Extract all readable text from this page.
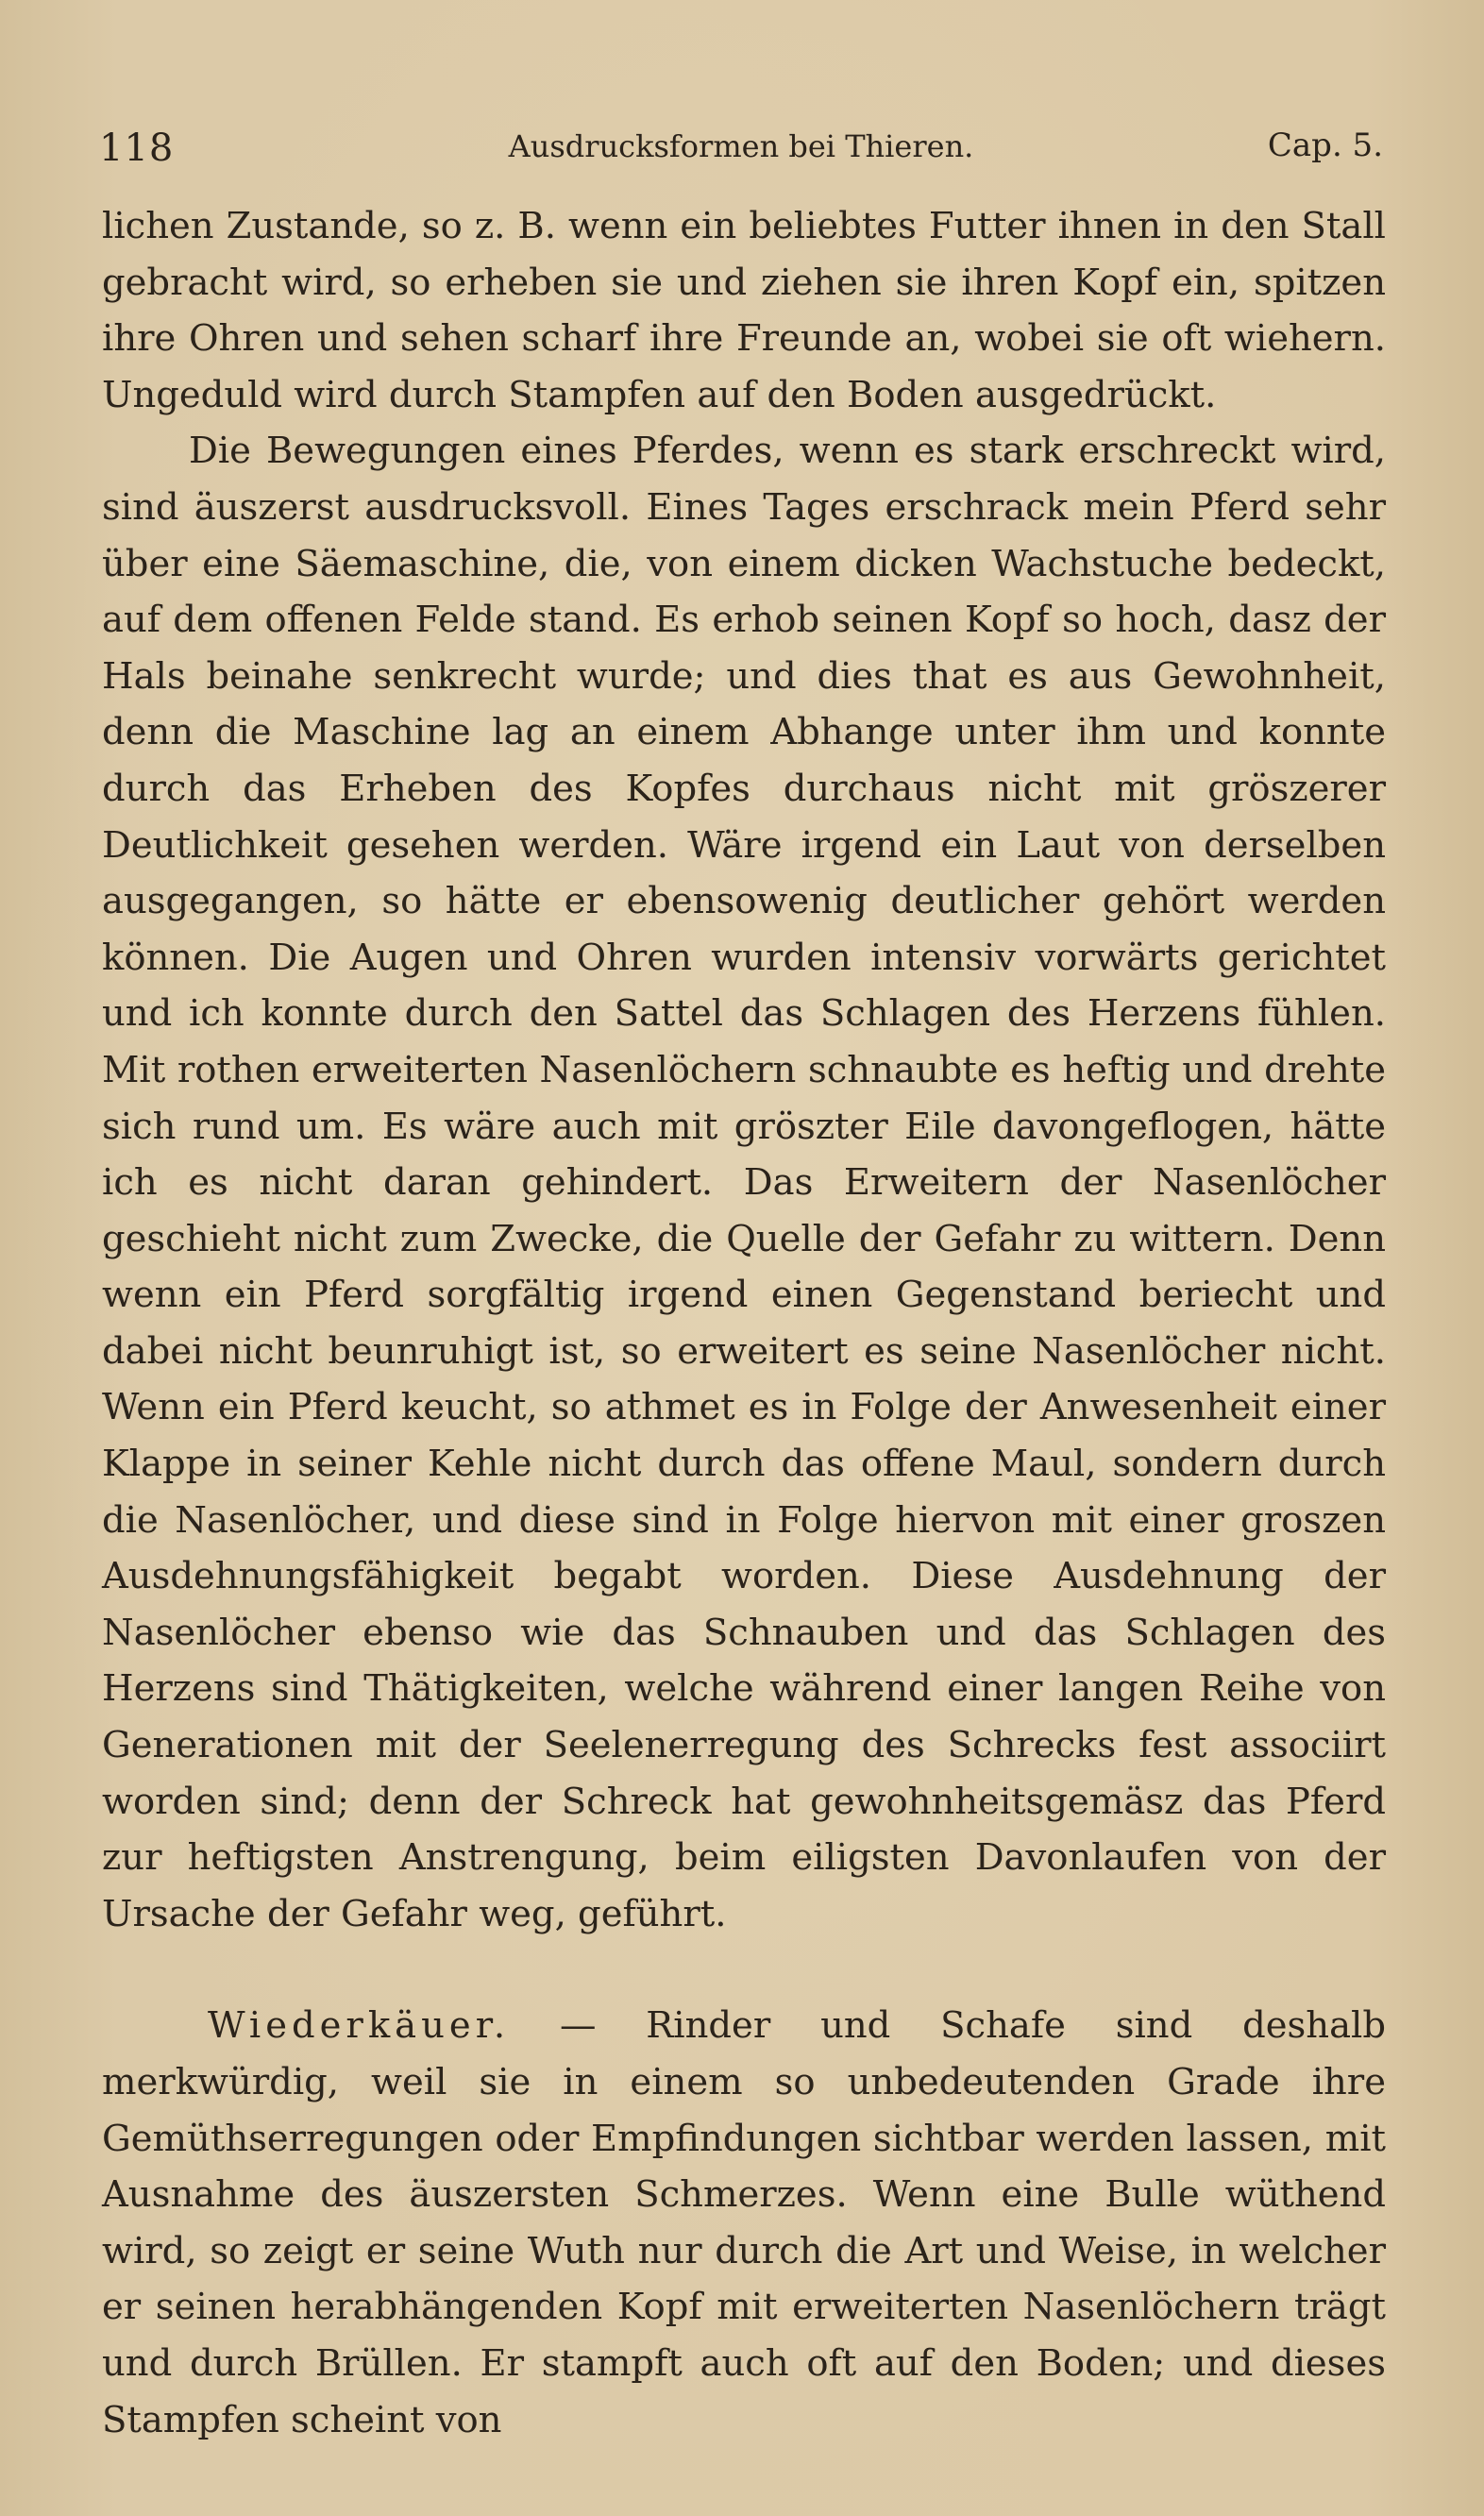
118	Ausdrucksformen bei Thieren.	Cap. 5.

lichen Zustande, so z. B. wenn ein beliebtes Futter ihnen in den Stall gebracht wird, so erheben sie und ziehen sie ihren Kopf ein, spitzen ihre Ohren und sehen scharf ihre Freunde an, wobei sie oft wiehern. Ungeduld wird durch Stampfen auf den Boden ausgedrückt.

Die Bewegungen eines Pferdes, wenn es stark erschreckt wird, sind äuszerst ausdrucksvoll. Eines Tages erschrack mein Pferd sehr über eine Säemaschine, die, von einem dicken Wachstuche bedeckt, auf dem offenen Felde stand. Es erhob seinen Kopf so hoch, dasz der Hals beinahe senkrecht wurde; und dies that es aus Gewohnheit, denn die Maschine lag an einem Abhange unter ihm und konnte durch das Erheben des Kopfes durchaus nicht mit gröszerer Deutlichkeit gesehen werden. Wäre irgend ein Laut von derselben ausgegangen, so hätte er ebensowenig deutlicher gehört werden können. Die Augen und Ohren wurden intensiv vorwärts gerichtet und ich konnte durch den Sattel das Schlagen des Herzens fühlen. Mit rothen erweiterten Nasenlöchern schnaubte es heftig und drehte sich rund um. Es wäre auch mit gröszter Eile davongeflogen, hätte ich es nicht daran gehindert. Das Erweitern der Nasenlöcher geschieht nicht zum Zwecke, die Quelle der Gefahr zu wittern. Denn wenn ein Pferd sorgfältig irgend einen Gegenstand beriecht und dabei nicht beunruhigt ist, so erweitert es seine Nasenlöcher nicht. Wenn ein Pferd keucht, so athmet es in Folge der Anwesenheit einer Klappe in seiner Kehle nicht durch das offene Maul, sondern durch die Nasenlöcher, und diese sind in Folge hiervon mit einer groszen Ausdehnungsfähigkeit begabt worden. Diese Ausdehnung der Nasenlöcher ebenso wie das Schnauben und das Schlagen des Herzens sind Thätigkeiten, welche während einer langen Reihe von Generationen mit der Seelenerregung des Schrecks fest associirt worden sind; denn der Schreck hat gewohnheitsgemäsz das Pferd zur heftigsten Anstrengung, beim eiligsten Davonlaufen von der Ursache der Gefahr weg, geführt.

Wiederkäuer. — Rinder und Schafe sind deshalb merkwürdig, weil sie in einem so unbedeutenden Grade ihre Gemüthserregungen oder Empfindungen sichtbar werden lassen, mit Ausnahme des äuszersten Schmerzes. Wenn eine Bulle wüthend wird, so zeigt er seine Wuth nur durch die Art und Weise, in welcher er seinen herabhängenden Kopf mit erweiterten Nasenlöchern trägt und durch Brüllen. Er stampft auch oft auf den Boden; und dieses Stampfen scheint von
